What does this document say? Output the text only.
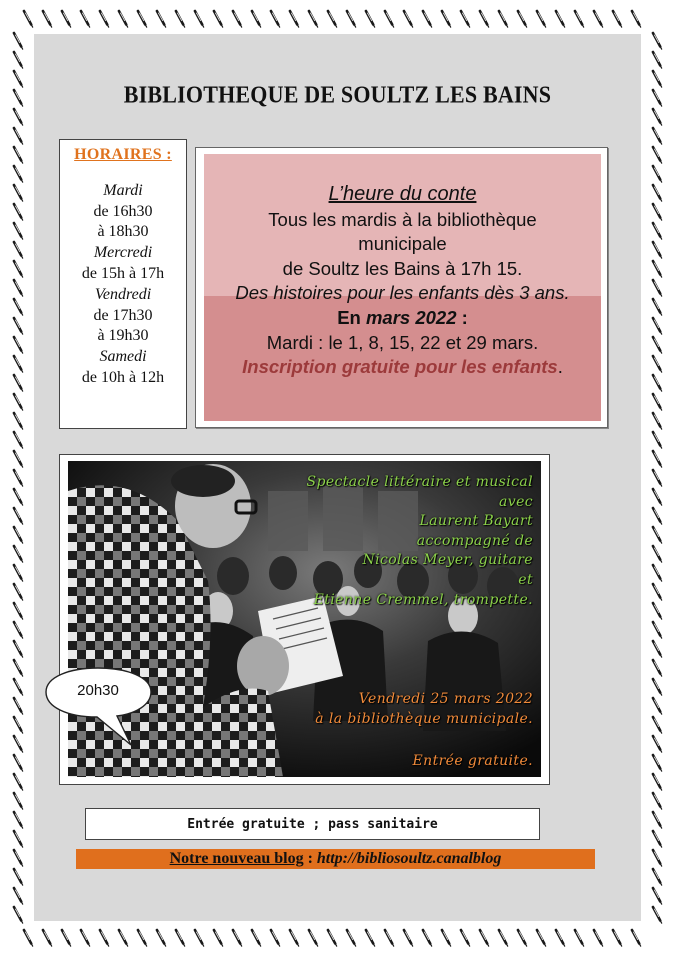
BIBLIOTHEQUE DE SOULTZ LES BAINS
HORAIRES :
Mardi
de 16h30
à 18h30
Mercredi
de 15h à 17h
Vendredi
de 17h30
à 19h30
Samedi
de 10h à 12h
L’heure du conte
Tous les mardis à la bibliothèque
municipale
de Soultz les Bains à 17h 15.
Des histoires pour les enfants dès 3 ans.
En mars 2022 :
Mardi : le 1, 8, 15, 22 et 29 mars.
Inscription gratuite pour les enfants.
Spectacle littéraire et musical
avec
Laurent Bayart
accompagné de
Nicolas Meyer, guitare
et
Etienne Cremmel, trompette.
Vendredi 25 mars 2022
à la bibliothèque municipale.
Entrée gratuite.
20h30
Entrée gratuite ; pass sanitaire
Notre nouveau blog : http://bibliosoultz.canalblog
